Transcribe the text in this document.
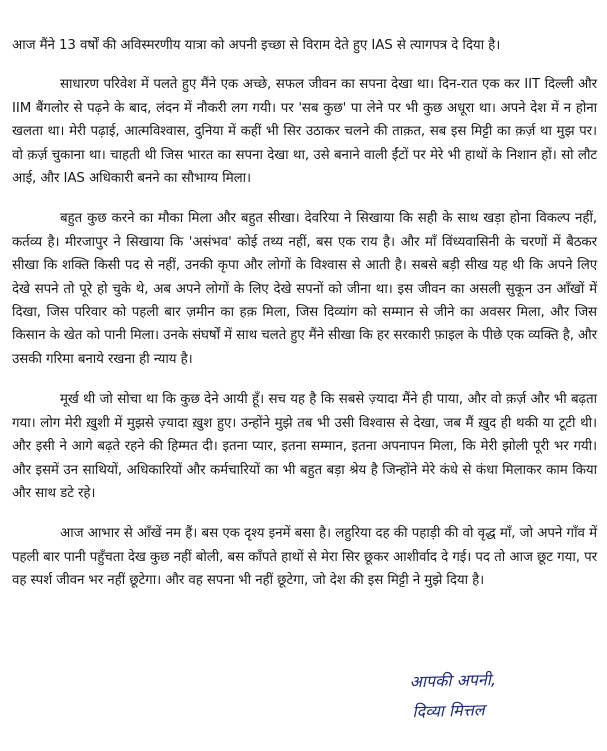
आज मैंने 13 वर्षों की अविस्मरणीय यात्रा को अपनी इच्छा से विराम देते हुए IAS से त्यागपत्र दे दिया है।

साधारण परिवेश में पलते हुए मैंने एक अच्छे, सफल जीवन का सपना देखा था। दिन-रात एक कर IIT दिल्ली और IIM बैंगलोर से पढ़ने के बाद, लंदन में नौकरी लग गयी। पर 'सब कुछ' पा लेने पर भी कुछ अधूरा था। अपने देश में न होना खलता था। मेरी पढ़ाई, आत्मविश्वास, दुनिया में कहीं भी सिर उठाकर चलने की ताक़त, सब इस मिट्टी का क़र्ज़ था मुझ पर। वो क़र्ज़ चुकाना था। चाहती थी जिस भारत का सपना देखा था, उसे बनाने वाली ईंटों पर मेरे भी हाथों के निशान हों। सो लौट आई, और IAS अधिकारी बनने का सौभाग्य मिला।

बहुत कुछ करने का मौका मिला और बहुत सीखा। देवरिया ने सिखाया कि सही के साथ खड़ा होना विकल्प नहीं, कर्तव्य है। मीरजापुर ने सिखाया कि 'असंभव' कोई तथ्य नहीं, बस एक राय है। और माँ विंध्यवासिनी के चरणों में बैठकर सीखा कि शक्ति किसी पद से नहीं, उनकी कृपा और लोगों के विश्वास से आती है। सबसे बड़ी सीख यह थी कि अपने लिए देखे सपने तो पूरे हो चुके थे, अब अपने लोगों के लिए देखे सपनों को जीना था। इस जीवन का असली सुकून उन आँखों में दिखा, जिस परिवार को पहली बार ज़मीन का हक़ मिला, जिस दिव्यांग को सम्मान से जीने का अवसर मिला, और जिस किसान के खेत को पानी मिला। उनके संघर्षों में साथ चलते हुए मैंने सीखा कि हर सरकारी फ़ाइल के पीछे एक व्यक्ति है, और उसकी गरिमा बनाये रखना ही न्याय है।

मूर्ख थी जो सोचा था कि कुछ देने आयी हूँ। सच यह है कि सबसे ज़्यादा मैंने ही पाया, और वो क़र्ज़ और भी बढ़ता गया। लोग मेरी ख़ुशी में मुझसे ज़्यादा ख़ुश हुए। उन्होंने मुझे तब भी उसी विश्वास से देखा, जब मैं ख़ुद ही थकी या टूटी थी। और इसी ने आगे बढ़ते रहने की हिम्मत दी। इतना प्यार, इतना सम्मान, इतना अपनापन मिला, कि मेरी झोली पूरी भर गयी। और इसमें उन साथियों, अधिकारियों और कर्मचारियों का भी बहुत बड़ा श्रेय है जिन्होंने मेरे कंधे से कंधा मिलाकर काम किया और साथ डटे रहे।

आज आभार से आँखें नम हैं। बस एक दृश्य इनमें बसा है। लहुरिया दह की पहाड़ी की वो वृद्ध माँ, जो अपने गाँव में पहली बार पानी पहुँचता देख कुछ नहीं बोली, बस काँपते हाथों से मेरा सिर छूकर आशीर्वाद दे गई। पद तो आज छूट गया, पर वह स्पर्श जीवन भर नहीं छूटेगा। और वह सपना भी नहीं छूटेगा, जो देश की इस मिट्टी ने मुझे दिया है।

आपकी अपनी,
दिव्या मित्तल
